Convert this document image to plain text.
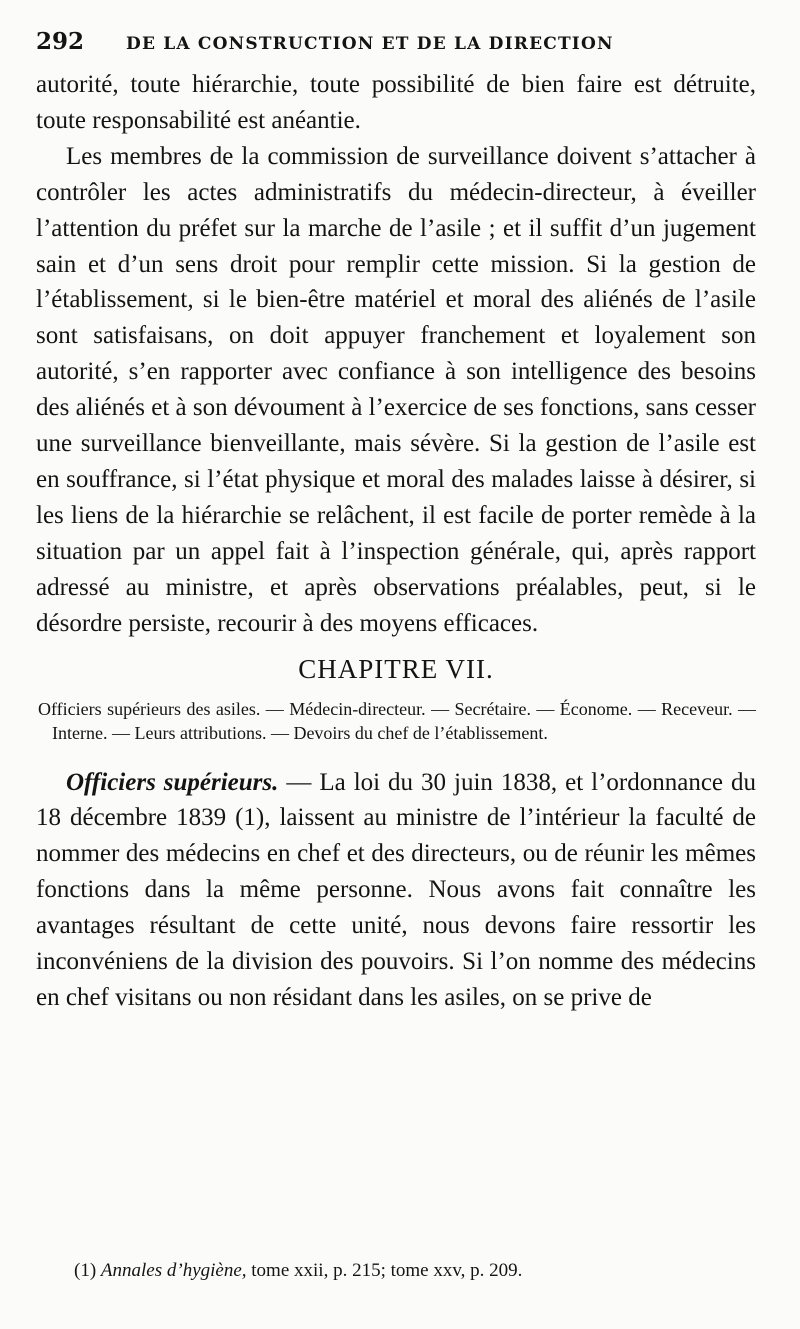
292	DE LA CONSTRUCTION ET DE LA DIRECTION

autorité, toute hiérarchie, toute possibilité de bien faire est détruite, toute responsabilité est anéantie.

Les membres de la commission de surveillance doivent s’attacher à contrôler les actes administratifs du médecin-directeur, à éveiller l’attention du préfet sur la marche de l’asile ; et il suffit d’un jugement sain et d’un sens droit pour remplir cette mission. Si la gestion de l’établissement, si le bien-être matériel et moral des aliénés de l’asile sont satisfaisans, on doit appuyer franchement et loyalement son autorité, s’en rapporter avec confiance à son intelligence des besoins des aliénés et à son dévoument à l’exercice de ses fonctions, sans cesser une surveillance bienveillante, mais sévère. Si la gestion de l’asile est en souffrance, si l’état physique et moral des malades laisse à désirer, si les liens de la hiérarchie se relâchent, il est facile de porter remède à la situation par un appel fait à l’inspection générale, qui, après rapport adressé au ministre, et après observations préalables, peut, si le désordre persiste, recourir à des moyens efficaces.

CHAPITRE VII.

Officiers supérieurs des asiles. — Médecin-directeur. — Secrétaire. — Économe. — Receveur. — Interne. — Leurs attributions. — Devoirs du chef de l’établissement.

Officiers supérieurs. — La loi du 30 juin 1838, et l’ordonnance du 18 décembre 1839 (1), laissent au ministre de l’intérieur la faculté de nommer des médecins en chef et des directeurs, ou de réunir les mêmes fonctions dans la même personne. Nous avons fait connaître les avantages résultant de cette unité, nous devons faire ressortir les inconvéniens de la division des pouvoirs. Si l’on nomme des médecins en chef visitans ou non résidant dans les asiles, on se prive de

(1) Annales d’hygiène, tome xxii, p. 215; tome xxv, p. 209.
